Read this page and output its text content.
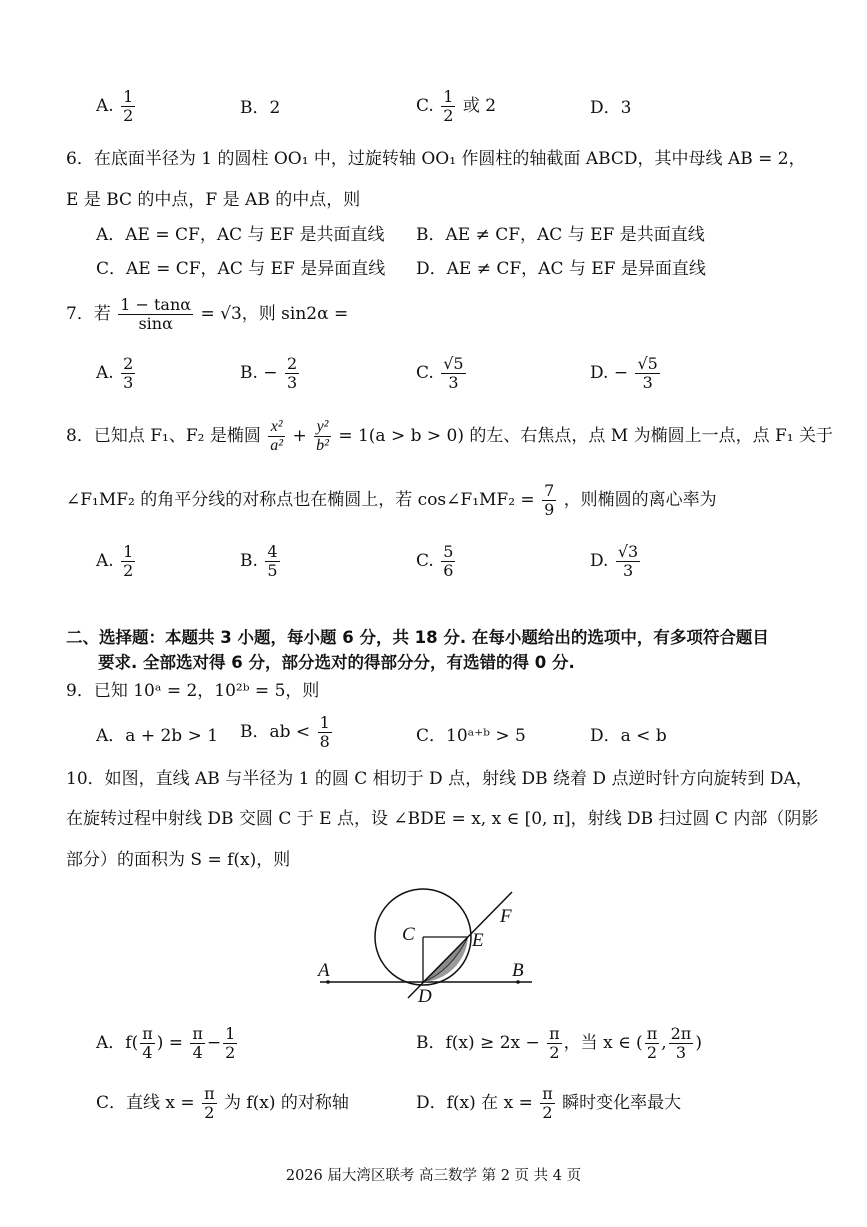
A. $\frac{1}{2}$	B．2	C. $\frac{1}{2}$ 或 2	D．3
6．在底面半径为 1 的圆柱 OO₁ 中，过旋转轴 OO₁ 作圆柱的轴截面 ABCD，其中母线 AB = 2，
E 是 BC 的中点，F 是 AB 的中点，则
A．AE = CF，AC 与 EF 是共面直线 B．AE ≠ CF，AC 与 EF 是共面直线
C．AE = CF，AC 与 EF 是异面直线 D．AE ≠ CF，AC 与 EF 是异面直线
7．若 $\frac{1 - \tan\alpha}{\sin\alpha} = √3$，则 sin2α =
A. $\frac{2}{3}$	B. − $\frac{2}{3}$	C. $\frac{√5}{3}$	D. − $\frac{√5}{3}$
8．已知点 F₁、F₂ 是椭圆 $\frac{\text{x²}}{\text{a²}} + \frac{\text{y²}}{\text{b²}} = 1(a > b > 0)$ 的左、右焦点，点 M 为椭圆上一点，点 F₁ 关于
∠F₁MF₂ 的角平分线的对称点也在椭圆上，若 cos∠F₁MF₂ = $\frac{7}{9}$ ，则椭圆的离心率为
A. $\frac{1}{2}$	B. $\frac{4}{5}$	C. $\frac{5}{6}$	D. $\frac{√3}{3}$
二、选择题：本题共 3 小题，每小题 6 分，共 18 分. 在每小题给出的选项中，有多项符合题目
要求. 全部选对得 6 分，部分选对的得部分分，有选错的得 0 分.
9．已知 10ᵃ = 2，10²ᵇ = 5，则
A．a + 2b > 1 B．ab < $\frac{1}{8}$	C．10ᵃ⁺ᵇ > 5	D．a < b
10．如图，直线 AB 与半径为 1 的圆 C 相切于 D 点，射线 DB 绕着 D 点逆时针方向旋转到 DA，
在旋转过程中射线 DB 交圆 C 于 E 点，设 ∠BDE = x, x ∈ [0, π]，射线 DB 扫过圆 C 内部（阴影
部分）的面积为 S = f(x)，则
A	B
C
D
E
F
A．$f( \frac{\pi}{4}$ ) = $\frac{\pi}{4} - \frac{1}{2}$	B．$f(x) \ge 2x - \frac{\pi}{2}$ ，当 x ∈ ( $\frac{\pi}{2}$ , $\frac{2\pi}{3}$ )
C．直线 $x = \frac{\pi}{2}$ 为 f(x) 的对称轴	D．f(x) 在 $x = \frac{\pi}{2}$ 瞬时变化率最大
2026 届大湾区联考 高三数学 第 2 页 共 4 页
